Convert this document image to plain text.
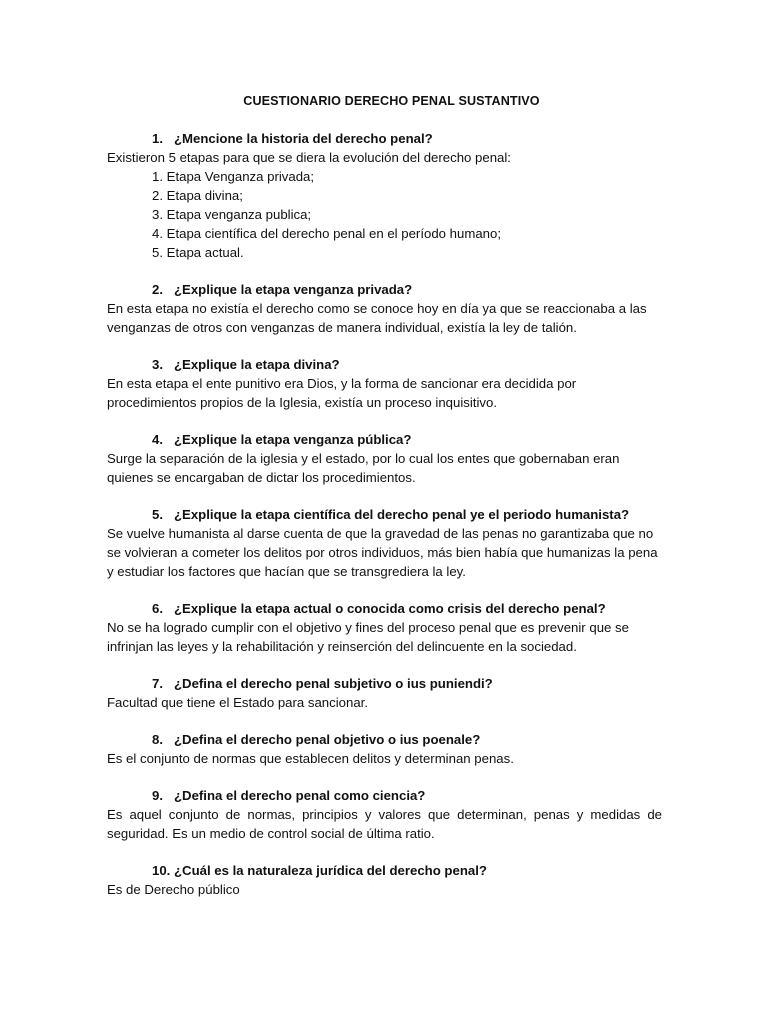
CUESTIONARIO DERECHO PENAL SUSTANTIVO
1. ¿Mencione la historia del derecho penal?

Existieron 5 etapas para que se diera la evolución del derecho penal:

1. Etapa Venganza privada;
2. Etapa divina;
3. Etapa venganza publica;
4. Etapa científica del derecho penal en el período humano;
5. Etapa actual.
2. ¿Explique la etapa venganza privada?

En esta etapa no existía el derecho como se conoce hoy en día ya que se reaccionaba a las venganzas de otros con venganzas de manera individual, existía la ley de talión.

3. ¿Explique la etapa divina?

En esta etapa el ente punitivo era Dios, y la forma de sancionar era decidida por procedimientos propios de la Iglesia, existía un proceso inquisitivo.

4. ¿Explique la etapa venganza pública?

Surge la separación de la iglesia y el estado, por lo cual los entes que gobernaban eran quienes se encargaban de dictar los procedimientos.

5. ¿Explique la etapa científica del derecho penal ye el periodo humanista?

Se vuelve humanista al darse cuenta de que la gravedad de las penas no garantizaba que no se volvieran a cometer los delitos por otros individuos, más bien había que humanizas la pena y estudiar los factores que hacían que se transgrediera la ley.

6. ¿Explique la etapa actual o conocida como crisis del derecho penal?

No se ha logrado cumplir con el objetivo y fines del proceso penal que es prevenir que se infrinjan las leyes y la rehabilitación y reinserción del delincuente en la sociedad.

7. ¿Defina el derecho penal subjetivo o ius puniendi?

Facultad que tiene el Estado para sancionar.

8. ¿Defina el derecho penal objetivo o ius poenale?

Es el conjunto de normas que establecen delitos y determinan penas.

9. ¿Defina el derecho penal como ciencia?

Es aquel conjunto de normas, principios y valores que determinan, penas y medidas de seguridad. Es un medio de control social de última ratio.

10. ¿Cuál es la naturaleza jurídica del derecho penal?

Es de Derecho público
